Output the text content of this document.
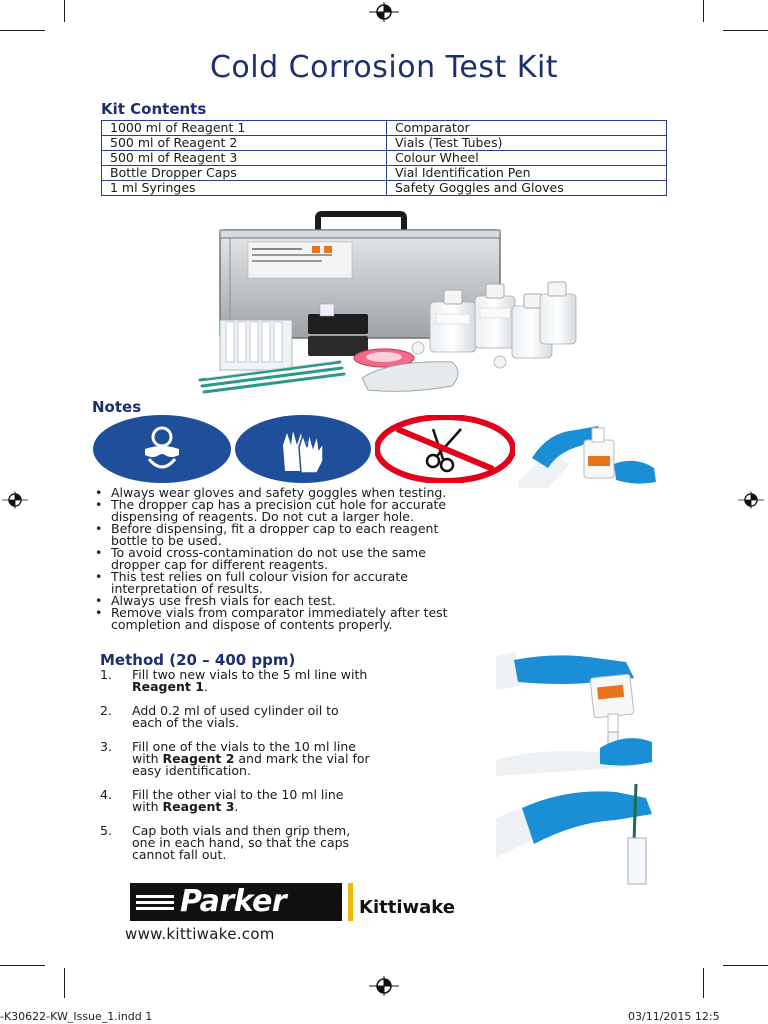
Cold Corrosion Test Kit
Kit Contents
1000 ml of Reagent 1	Comparator
500 ml of Reagent 2	Vials (Test Tubes)
500 ml of Reagent 3	Colour Wheel
Bottle Dropper Caps	Vial Identification Pen
1 ml Syringes	Safety Goggles and Gloves
Notes
• Always wear gloves and safety goggles when testing.
• The dropper cap has a precision cut hole for accurate
dispensing of reagents. Do not cut a larger hole.
• Before dispensing, fit a dropper cap to each reagent
bottle to be used.
• To avoid cross-contamination do not use the same
dropper cap for different reagents.
• This test relies on full colour vision for accurate
interpretation of results.
• Always use fresh vials for each test.
• Remove vials from comparator immediately after test
completion and dispose of contents properly.
Method (20 – 400 ppm)
1. Fill two new vials to the 5 ml line with
Reagent 1.
2. Add 0.2 ml of used cylinder oil to
each of the vials.
3. Fill one of the vials to the 10 ml line
with Reagent 2 and mark the vial for
easy identification.
4. Fill the other vial to the 10 ml line
with Reagent 3.
5. Cap both vials and then grip them,
one in each hand, so that the caps
cannot fall out.
Parker	Kittiwake
www.kittiwake.com
-K30622-KW_Issue_1.indd 1	03/11/2015 12:5
